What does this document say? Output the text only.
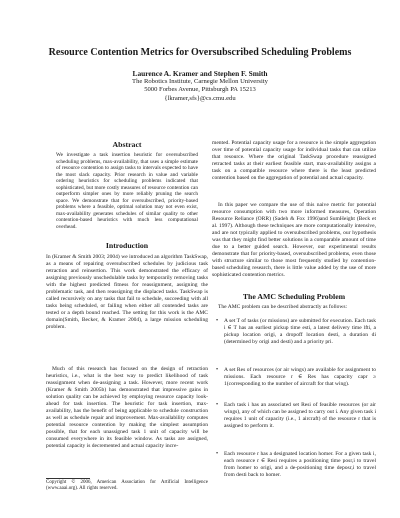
Resource Contention Metrics for Oversubscribed Scheduling Problems
Laurence A. Kramer and Stephen F. Smith
The Robotics Institute, Carnegie Mellon University
5000 Forbes Avenue, Pittsburgh PA 15213
{lkramer,sfs}@cs.cmu.edu
Abstract
We investigate a task insertion heuristic for oversubscribed scheduling problems, max-availability, that uses a simple estimate of resource contention to assign tasks to intervals expected to have the most slack capacity. Prior research in value and variable ordering heuristics for scheduling problems indicated that sophisticated, but more costly measures of resource contention can outperform simpler ones by more reliably pruning the search space. We demonstrate that for oversubscribed, priority-based problems where a feasible, optimal solution may not even exist, max-availability generates schedules of similar quality to other contention-based heuristics with much less computational overhead.
Introduction
In (Kramer & Smith 2003; 2004) we introduced an algorithm TaskSwap, as a means of repairing oversubscribed schedules by judicious task retraction and reinsertion. This work demonstrated the efficacy of assigning previously unschedulable tasks by temporarily removing tasks with the highest predicted fitness for reassignment, assigning the problematic task, and then reassigning the displaced tasks. TaskSwap is called recursively on any tasks that fail to schedule, succeeding with all tasks being scheduled, or failing when either all contended tasks are tested or a depth bound reached. The setting for this work is the AMC domain(Smith, Becker, & Kramer 2004), a large mission scheduling problem.
Much of this research has focused on the design of retraction heuristics, i.e., what is the best way to predict likelihood of task reassignment when de-assigning a task. However, more recent work (Kramer & Smith 2005b) has demonstrated that impressive gains in solution quality can be achieved by employing resource capacity look-ahead for task insertion. The heuristic for task insertion, max-availability, has the benefit of being applicable to schedule construction as well as schedule repair and improvement. Max-availability computes potential resource contention by making the simplest assumption possible, that for each unassigned task 1 unit of capacity will be consumed everywhere in its feasible window. As tasks are assigned, potential capacity is decremented and actual capacity incre-
Copyright © 2006, American Association for Artificial Intelligence (www.aaai.org). All rights reserved.
mented. Potential capacity usage for a resource is the simple aggregation over time of potential capacity usage for individual tasks that can utilize that resource. Where the original TaskSwap procedure reassigned retracted tasks at their earliest feasible start, max-availability assigns a task on a compatible resource where there is the least predicted contention based on the aggregation of potential and actual capacity.
In this paper we compare the use of this naive metric for potential resource consumption with two more informed measures, Operation Resource Reliance (ORR) (Sadeh & Fox 1996)and SumHeight (Beck et al. 1997). Although these techniques are more computationally intensive, and are not typically applied to oversubscribed problems, our hypothesis was that they might find better solutions in a comparable amount of time due to a better guided search. However, our experimental results demonstrate that for priority-based, oversubscribed problems, even those with structure similar to those most frequently studied by contention-based scheduling research, there is little value added by the use of more sophisticated contention metrics.
The AMC Scheduling Problem
The AMC problem can be described abstractly as follows:
• A set T of tasks (or missions) are submitted for execution. Each task i ∈ T has an earliest pickup time esti, a latest delivery time lfti, a pickup location origi, a dropoff location desti, a duration di (determined by origi and desti) and a priority pri.
• A set Res of resources (or air wings) are available for assignment to missions. Each resource r ∈ Res has capacity capr ≥ 1(corresponding to the number of aircraft for that wing).
• Each task i has an associated set Resi of feasible resources (or air wings), any of which can be assigned to carry out i. Any given task i requires 1 unit of capacity (i.e., 1 aircraft) of the resource r that is assigned to perform it.
• Each resource r has a designated location homer. For a given task i, each resource r ∈ Resi requires a positioning time posr,i to travel from homer to origi, and a de-positioning time deposr,i to travel from desti back to homer.
